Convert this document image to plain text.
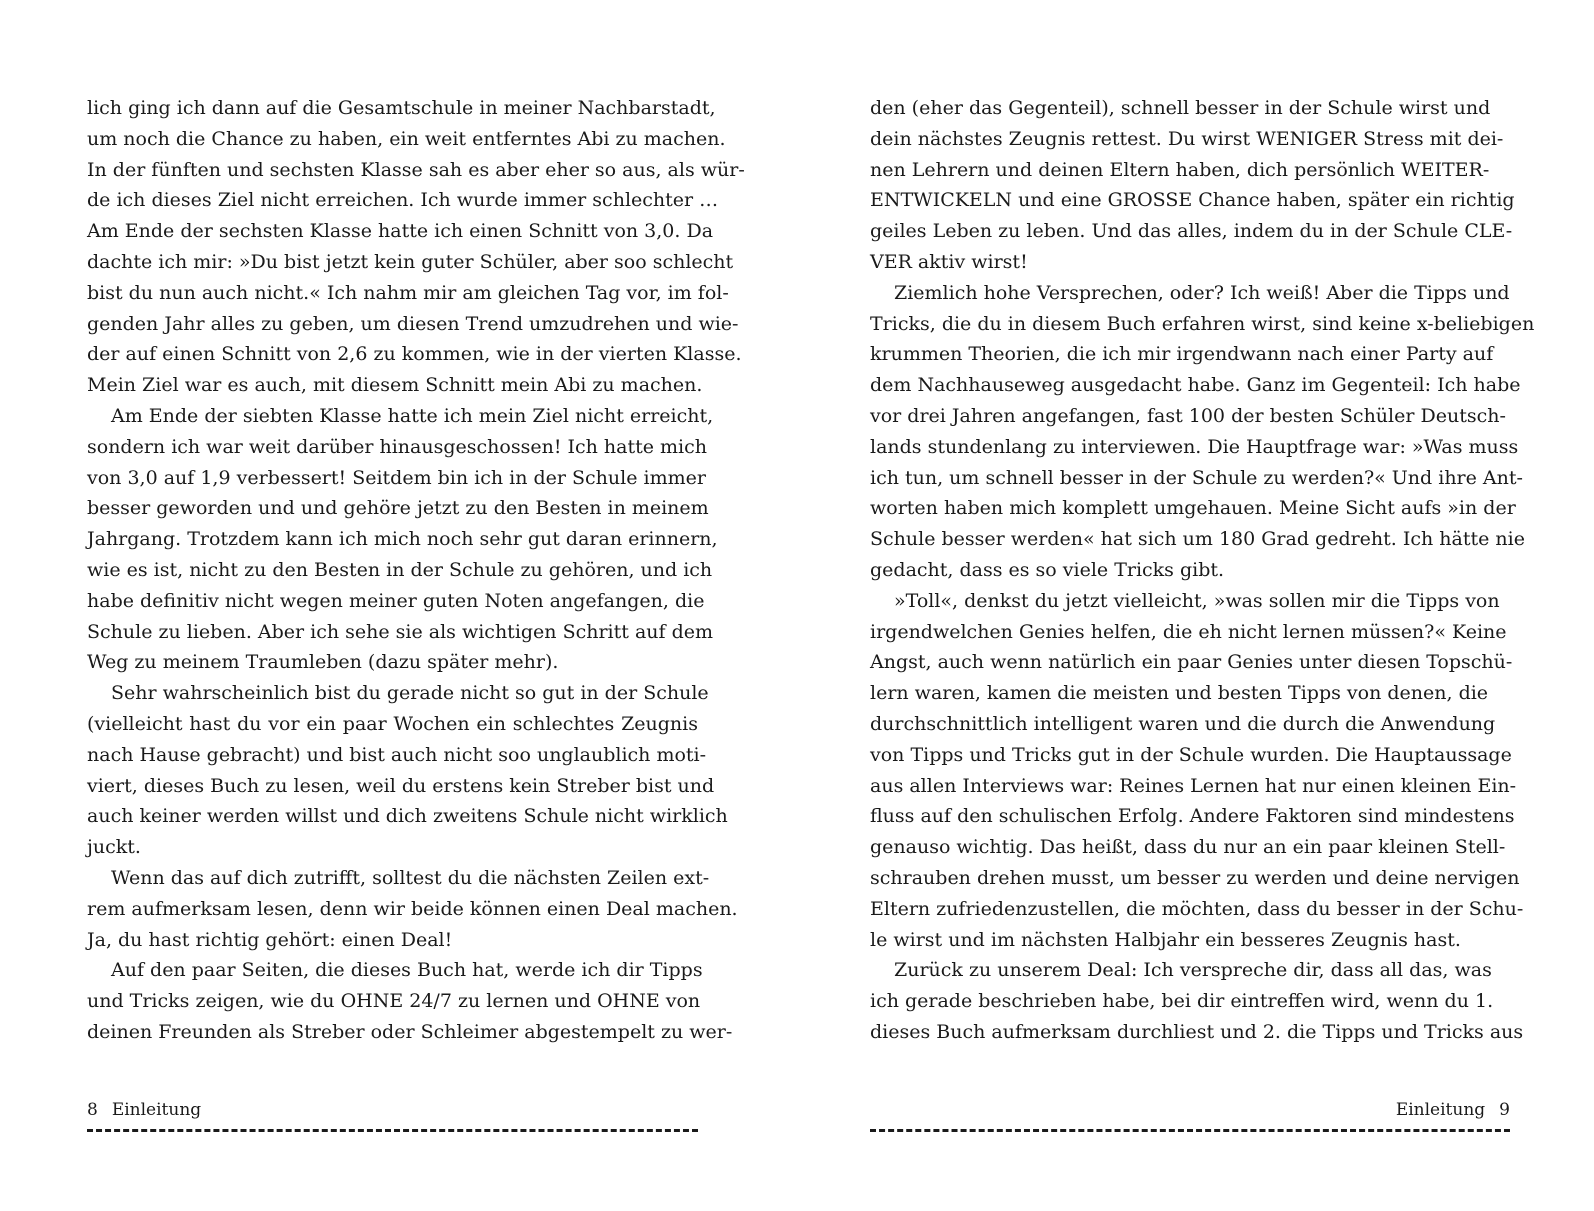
lich ging ich dann auf die Gesamtschule in meiner Nachbarstadt,
um noch die Chance zu haben, ein weit entferntes Abi zu machen.
In der fünften und sechsten Klasse sah es aber eher so aus, als wür-
de ich dieses Ziel nicht erreichen. Ich wurde immer schlechter …
Am Ende der sechsten Klasse hatte ich einen Schnitt von 3,0. Da
dachte ich mir: »Du bist jetzt kein guter Schüler, aber soo schlecht
bist du nun auch nicht.« Ich nahm mir am gleichen Tag vor, im fol-
genden Jahr alles zu geben, um diesen Trend umzudrehen und wie-
der auf einen Schnitt von 2,6 zu kommen, wie in der vierten Klasse.
Mein Ziel war es auch, mit diesem Schnitt mein Abi zu machen.
Am Ende der siebten Klasse hatte ich mein Ziel nicht erreicht,
sondern ich war weit darüber hinausgeschossen! Ich hatte mich
von 3,0 auf 1,9 verbessert! Seitdem bin ich in der Schule immer
besser geworden und und gehöre jetzt zu den Besten in meinem
Jahrgang. Trotzdem kann ich mich noch sehr gut daran erinnern,
wie es ist, nicht zu den Besten in der Schule zu gehören, und ich
habe definitiv nicht wegen meiner guten Noten angefangen, die
Schule zu lieben. Aber ich sehe sie als wichtigen Schritt auf dem
Weg zu meinem Traumleben (dazu später mehr).
Sehr wahrscheinlich bist du gerade nicht so gut in der Schule
(vielleicht hast du vor ein paar Wochen ein schlechtes Zeugnis
nach Hause gebracht) und bist auch nicht soo unglaublich moti-
viert, dieses Buch zu lesen, weil du erstens kein Streber bist und
auch keiner werden willst und dich zweitens Schule nicht wirklich
juckt.
Wenn das auf dich zutrifft, solltest du die nächsten Zeilen ext-
rem aufmerksam lesen, denn wir beide können einen Deal machen.
Ja, du hast richtig gehört: einen Deal!
Auf den paar Seiten, die dieses Buch hat, werde ich dir Tipps
und Tricks zeigen, wie du OHNE 24/7 zu lernen und OHNE von
deinen Freunden als Streber oder Schleimer abgestempelt zu wer-
8 Einleitung
den (eher das Gegenteil), schnell besser in der Schule wirst und
dein nächstes Zeugnis rettest. Du wirst WENIGER Stress mit dei-
nen Lehrern und deinen Eltern haben, dich persönlich WEITER-
ENTWICKELN und eine GROSSE Chance haben, später ein richtig
geiles Leben zu leben. Und das alles, indem du in der Schule CLE-
VER aktiv wirst!
Ziemlich hohe Versprechen, oder? Ich weiß! Aber die Tipps und
Tricks, die du in diesem Buch erfahren wirst, sind keine x-beliebigen
krummen Theorien, die ich mir irgendwann nach einer Party auf
dem Nachhauseweg ausgedacht habe. Ganz im Gegenteil: Ich habe
vor drei Jahren angefangen, fast 100 der besten Schüler Deutsch-
lands stundenlang zu interviewen. Die Hauptfrage war: »Was muss
ich tun, um schnell besser in der Schule zu werden?« Und ihre Ant-
worten haben mich komplett umgehauen. Meine Sicht aufs »in der
Schule besser werden« hat sich um 180 Grad gedreht. Ich hätte nie
gedacht, dass es so viele Tricks gibt.
»Toll«, denkst du jetzt vielleicht, »was sollen mir die Tipps von
irgendwelchen Genies helfen, die eh nicht lernen müssen?« Keine
Angst, auch wenn natürlich ein paar Genies unter diesen Topschü-
lern waren, kamen die meisten und besten Tipps von denen, die
durchschnittlich intelligent waren und die durch die Anwendung
von Tipps und Tricks gut in der Schule wurden. Die Hauptaussage
aus allen Interviews war: Reines Lernen hat nur einen kleinen Ein-
fluss auf den schulischen Erfolg. Andere Faktoren sind mindestens
genauso wichtig. Das heißt, dass du nur an ein paar kleinen Stell-
schrauben drehen musst, um besser zu werden und deine nervigen
Eltern zufriedenzustellen, die möchten, dass du besser in der Schu-
le wirst und im nächsten Halbjahr ein besseres Zeugnis hast.
Zurück zu unserem Deal: Ich verspreche dir, dass all das, was
ich gerade beschrieben habe, bei dir eintreffen wird, wenn du 1.
dieses Buch aufmerksam durchliest und 2. die Tipps und Tricks aus
Einleitung 9
